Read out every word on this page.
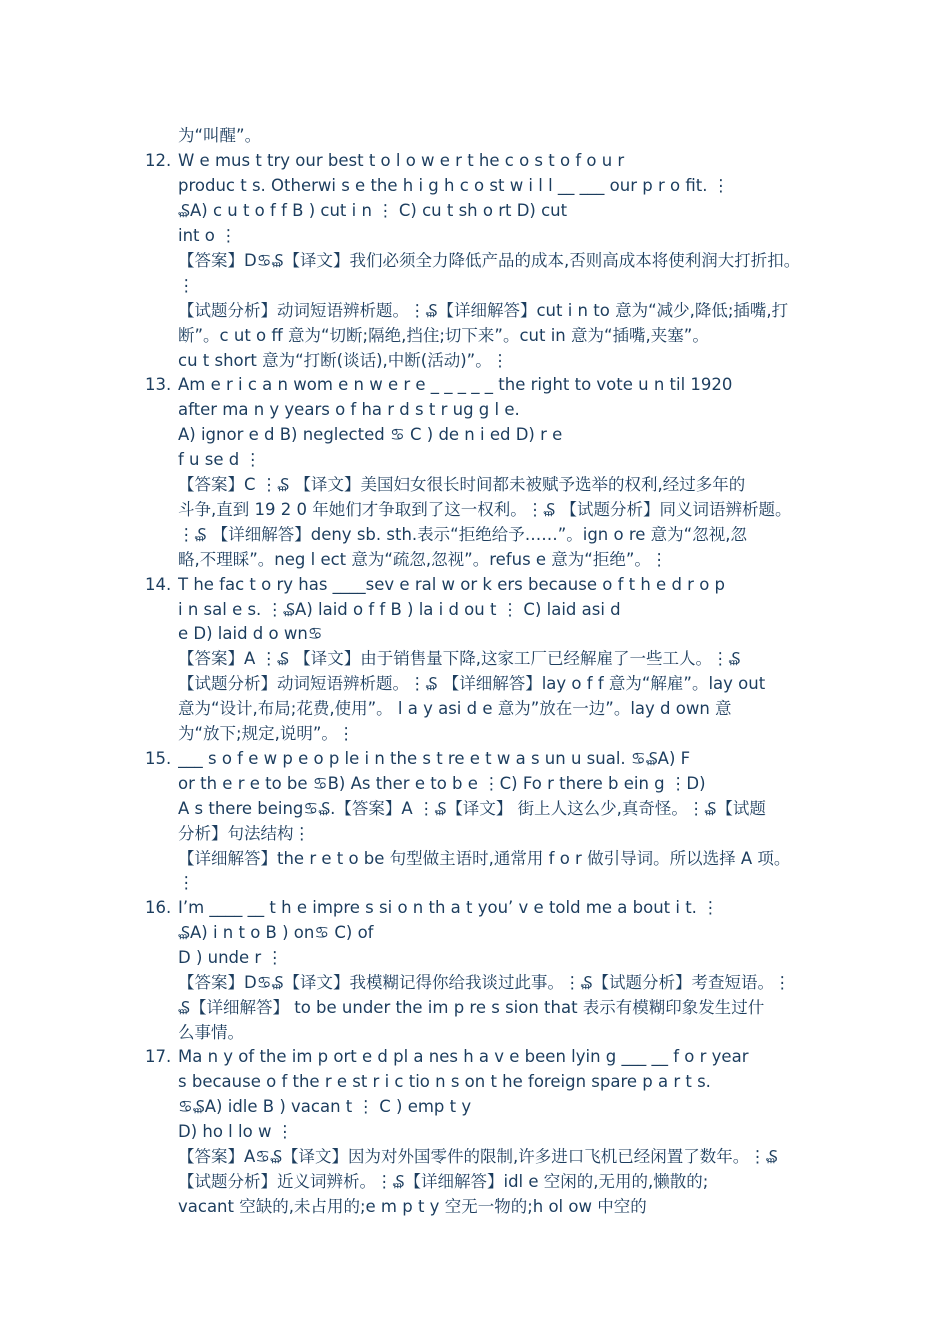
12.
13.
14.
15.
16.
17.
为“叫醒”。
W e mus t try our best t o l o w e r t he c o s t o f o u r
produc t s. Otherwi s e the h i g h c o st w i l l __ ___ our p r o fit. ⋮
₷A) c u t o f f B ) cut i n ⋮ C) cu t sh o rt D) cut
int o ⋮
【答案】D♋₷【译文】我们必须全力降低产品的成本,否则高成本将使利润大打折扣。
⋮
【试题分析】动词短语辨析题。⋮₷【详细解答】cut i n to 意为“减少,降低;插嘴,打
断”。c ut o ff 意为“切断;隔绝,挡住;切下来”。cut in 意为“插嘴,夹塞”。
cu t short 意为“打断(谈话),中断(活动)”。⋮
Am e r i c a n wom e n w e r e _ _ _ _ _ the right to vote u n til 1920
after ma n y years o f ha r d s t r ug g l e.
A) ignor e d B) neglected ♋ C ) de n i ed D) r e
f u se d ⋮
【答案】C ⋮₷ 【译文】美国妇女很长时间都未被赋予选举的权利,经过多年的
斗争,直到 19 2 0 年她们才争取到了这一权利。⋮₷ 【试题分析】同义词语辨析题。
⋮₷ 【详细解答】deny sb. sth.表示“拒绝给予……”。ign o re 意为“忽视,忽
略,不理睬”。neg l ect 意为“疏忽,忽视”。refus e 意为“拒绝”。⋮
T he fac t o ry has ____sev e ral w or k ers because o f t h e d r o p
i n sal e s. ⋮₷A) laid o f f B ) la i d ou t ⋮ C) laid asi d
e D) laid d o wn♋
【答案】A ⋮₷ 【译文】由于销售量下降,这家工厂已经解雇了一些工人。⋮₷
【试题分析】动词短语辨析题。⋮₷ 【详细解答】lay o f f 意为“解雇”。lay out
意为“设计,布局;花费,使用”。 l a y asi d e 意为”放在一边”。lay d own 意
为“放下;规定,说明”。⋮
___ s o f e w p e o p le i n the s t re e t w a s un u sual. ♋₷A) F
or th e r e to be ♋B) As ther e to b e ⋮C) Fo r there b ein g ⋮D)
A s there being♋₷.【答案】A ⋮₷【译文】 街上人这么少,真奇怪。⋮₷【试题
分析】句法结构⋮
【详细解答】the r e t o be 句型做主语时,通常用 f o r 做引导词。所以选择 A 项。
⋮
I’m ____ __ t h e impre s si o n th a t you’ v e told me a bout i t. ⋮
₷A) i n t o B ) on♋ C) of
D ) unde r ⋮
【答案】D♋₷【译文】我模糊记得你给我谈过此事。⋮₷【试题分析】考查短语。⋮
₷【详细解答】 to be under the im p re s sion that 表示有模糊印象发生过什
么事情。
Ma n y of the im p ort e d pl a nes h a v e been lyin g ___ __ f o r year
s because o f the r e st r i c tio n s on t he foreign spare p a r t s.
♋₷A) idle B ) vacan t ⋮ C ) emp t y
D) ho l lo w ⋮
【答案】A♋₷【译文】因为对外国零件的限制,许多进口飞机已经闲置了数年。⋮₷
【试题分析】近义词辨析。⋮₷【详细解答】idl e 空闲的,无用的,懒散的;
vacant 空缺的,未占用的;e m p t y 空无一物的;h ol ow 中空的
